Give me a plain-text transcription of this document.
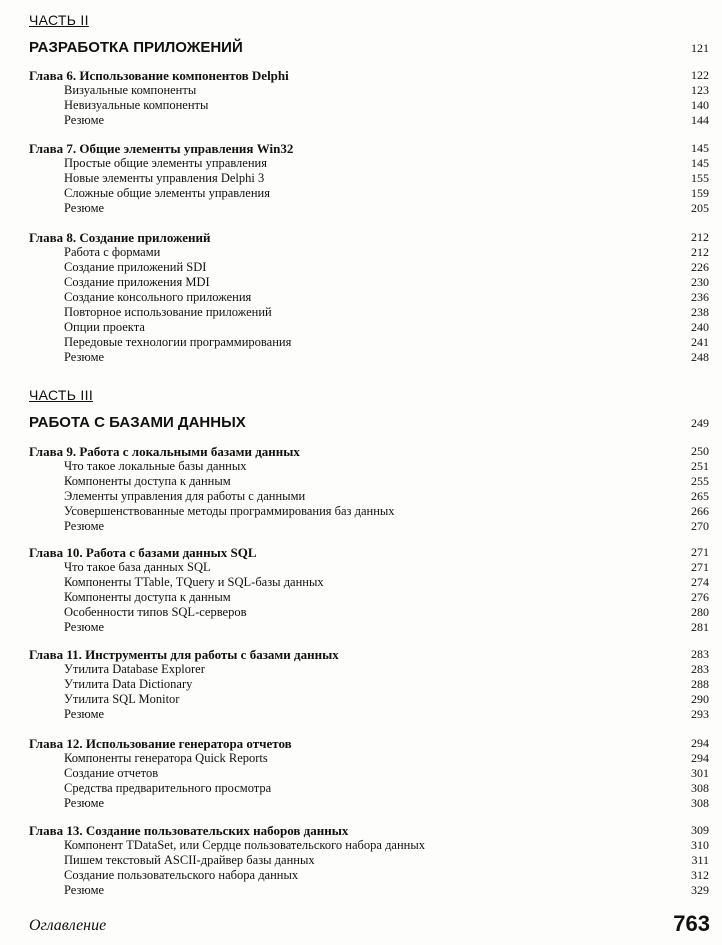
ЧАСТЬ II
РАЗРАБОТКА ПРИЛОЖЕНИЙ	121
Глава 6. Использование компонентов Delphi	122
Визуальные компоненты	123
Невизуальные компоненты	140
Резюме	144
Глава 7. Общие элементы управления Win32	145
Простые общие элементы управления	145
Новые элементы управления Delphi 3	155
Сложные общие элементы управления	159
Резюме	205
Глава 8. Создание приложений	212
Работа с формами	212
Создание приложений SDI	226
Создание приложения MDI	230
Создание консольного приложения	236
Повторное использование приложений	238
Опции проекта	240
Передовые технологии программирования	241
Резюме	248
ЧАСТЬ III
РАБОТА С БАЗАМИ ДАННЫХ	249
Глава 9. Работа с локальными базами данных	250
Что такое локальные базы данных	251
Компоненты доступа к данным	255
Элементы управления для работы с данными	265
Усовершенствованные методы программирования баз данных	266
Резюме	270
Глава 10. Работа с базами данных SQL	271
Что такое база данных SQL	271
Компоненты TTable, TQuery и SQL-базы данных	274
Компоненты доступа к данным	276
Особенности типов SQL-серверов	280
Резюме	281
Глава 11. Инструменты для работы с базами данных	283
Утилита Database Explorer	283
Утилита Data Dictionary	288
Утилита SQL Monitor	290
Резюме	293
Глава 12. Использование генератора отчетов	294
Компоненты генератора Quick Reports	294
Создание отчетов	301
Средства предварительного просмотра	308
Резюме	308
Глава 13. Создание пользовательских наборов данных	309
Компонент TDataSet, или Сердце пользовательского набора данных	310
Пишем текстовый ASCII-драйвер базы данных	311
Создание пользовательского набора данных	312
Резюме	329
Оглавление	763
